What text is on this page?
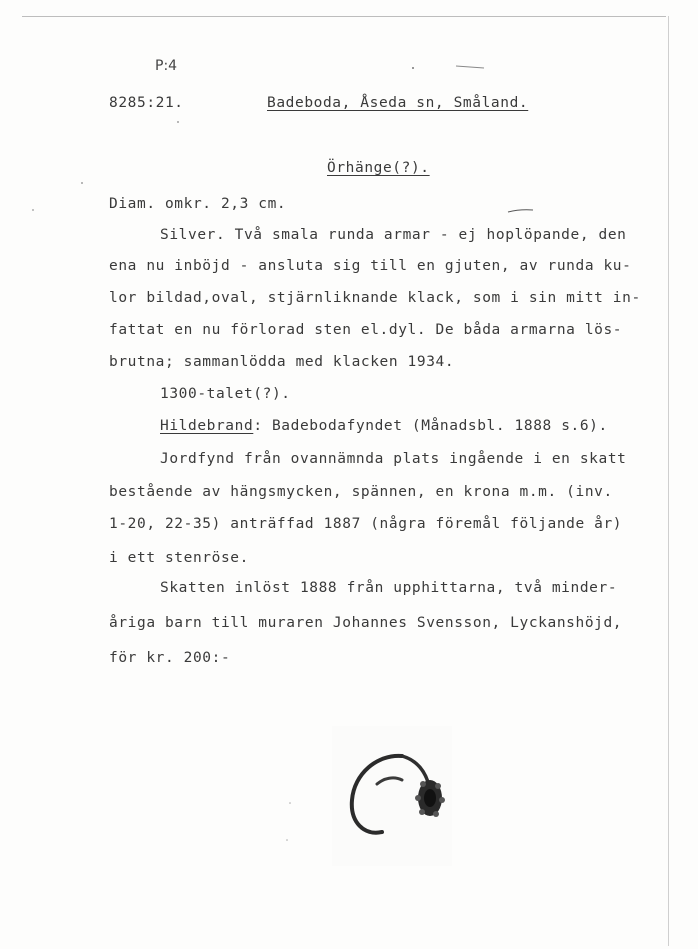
P:4
8285:21.	Badeboda, Åseda sn, Småland.
Örhänge(?).
Diam. omkr. 2,3 cm.
Silver. Två smala runda armar - ej hoplöpande, den
ena nu inböjd - ansluta sig till en gjuten, av runda ku-
lor bildad,oval, stjärnliknande klack, som i sin mitt in-
fattat en nu förlorad sten el.dyl. De båda armarna lös-
brutna; sammanlödda med klacken 1934.
1300-talet(?).
Hildebrand: Badebodafyndet (Månadsbl. 1888 s.6).
Jordfynd från ovannämnda plats ingående i en skatt
bestående av hängsmycken, spännen, en krona m.m. (inv.
1-20, 22-35) anträffad 1887 (några föremål följande år)
i ett stenröse.
Skatten inlöst 1888 från upphittarna, två minder-
åriga barn till muraren Johannes Svensson, Lyckanshöjd,
för kr. 200:-
